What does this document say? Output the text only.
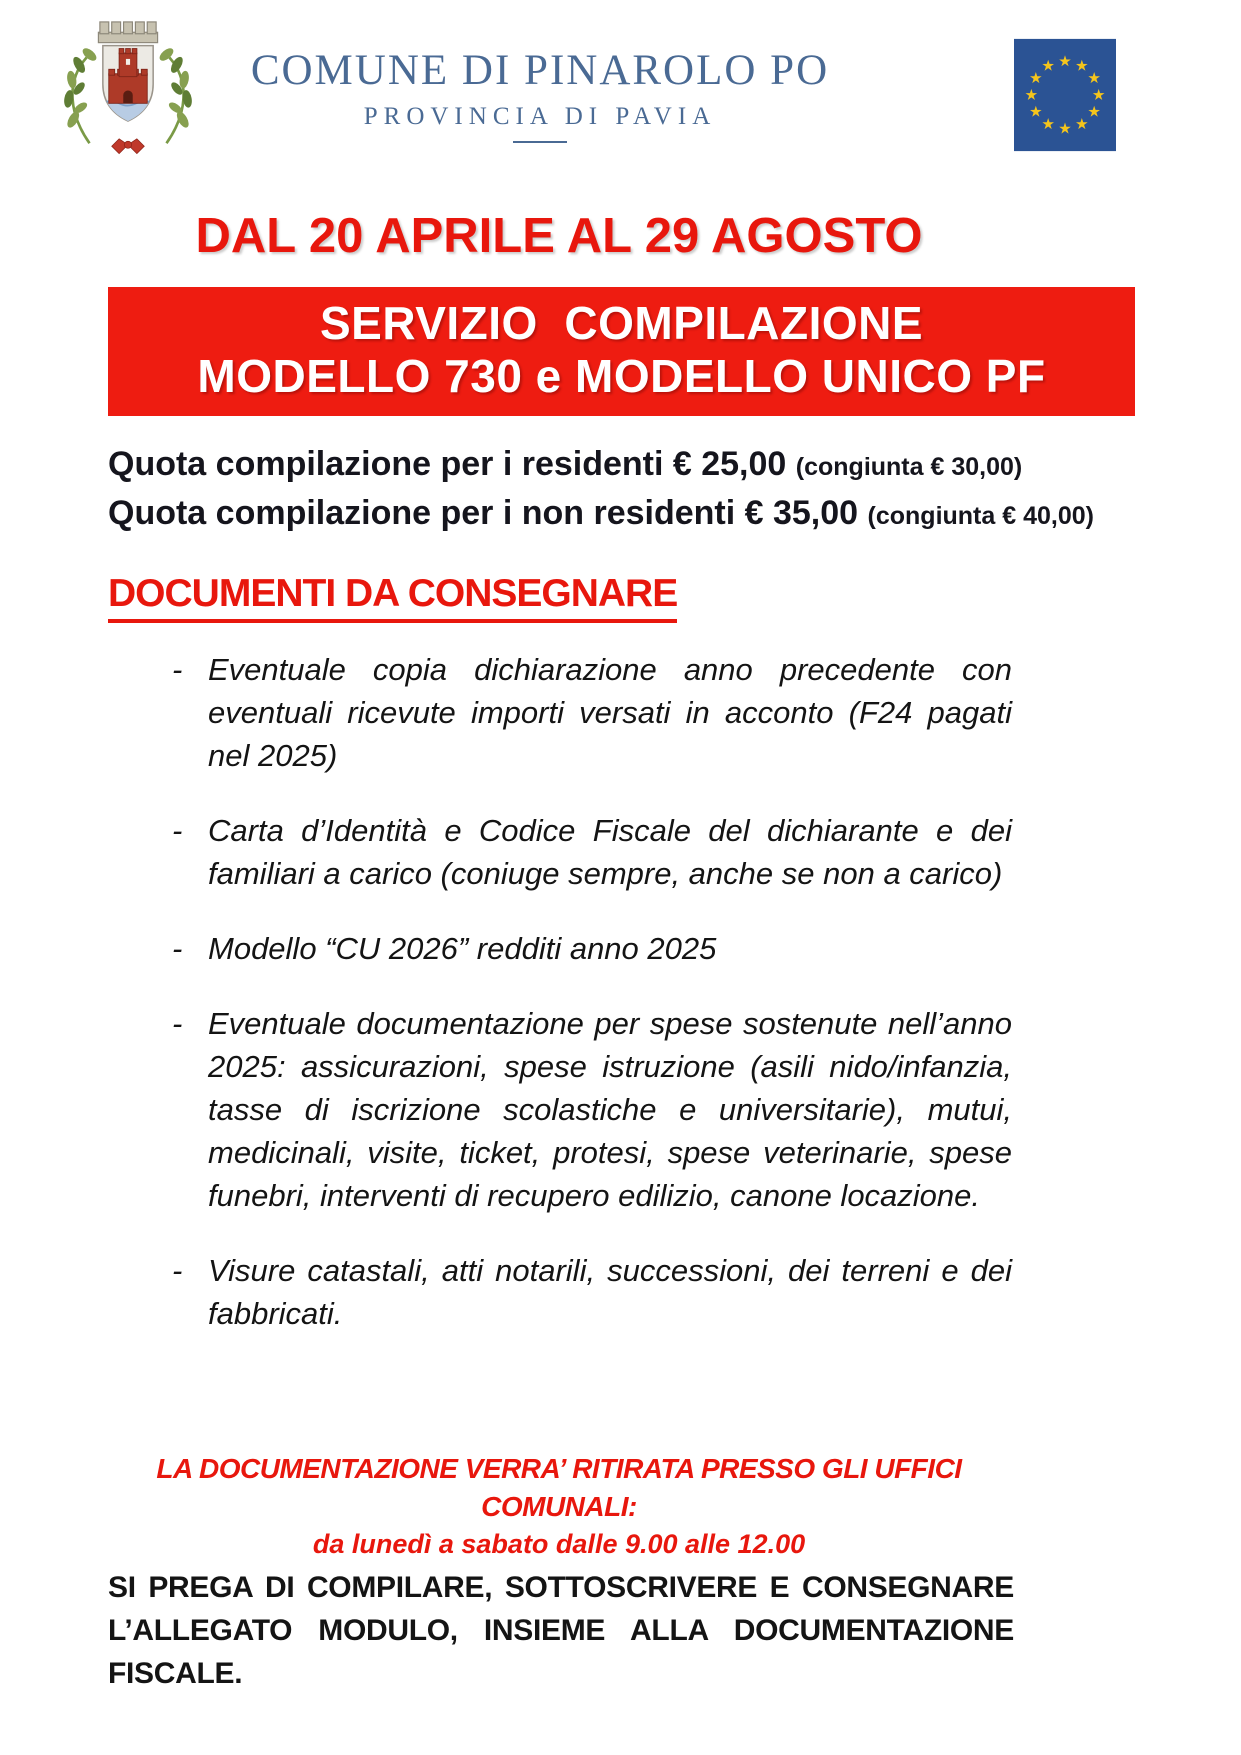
COMUNE DI PINAROLO PO
PROVINCIA DI PAVIA
DAL 20 APRILE AL 29 AGOSTO
SERVIZIO  COMPILAZIONE
MODELLO 730 e MODELLO UNICO PF
Quota compilazione per i residenti € 25,00 (congiunta € 30,00)
Quota compilazione per i non residenti € 35,00 (congiunta € 40,00)
DOCUMENTI DA CONSEGNARE
- Eventuale copia dichiarazione anno precedente con eventuali ricevute importi versati in acconto (F24 pagati nel 2025)
- Carta d’Identità e Codice Fiscale del dichiarante e dei familiari a carico (coniuge sempre, anche se non a carico)
- Modello “CU 2026” redditi anno 2025
- Eventuale documentazione per spese sostenute nell’anno 2025: assicurazioni, spese istruzione (asili nido/infanzia, tasse di iscrizione scolastiche e universitarie), mutui, medicinali, visite, ticket, protesi, spese veterinarie, spese funebri, interventi di recupero edilizio, canone locazione.
- Visure catastali, atti notarili, successioni, dei terreni e dei fabbricati.
LA DOCUMENTAZIONE VERRA’ RITIRATA PRESSO GLI UFFICI COMUNALI:
da lunedì a sabato dalle 9.00 alle 12.00
SI PREGA DI COMPILARE, SOTTOSCRIVERE E CONSEGNARE L’ALLEGATO MODULO, INSIEME ALLA DOCUMENTAZIONE FISCALE.
